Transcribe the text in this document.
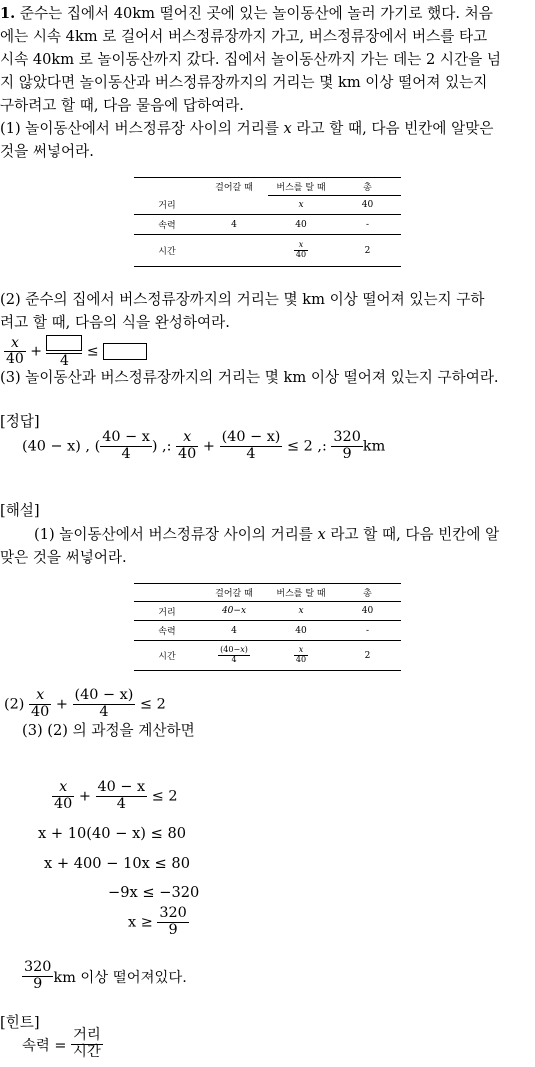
1. 준수는 집에서 40km 떨어진 곳에 있는 놀이동산에 놀러 가기로 했다. 처음
에는 시속 4km 로 걸어서 버스정류장까지 가고, 버스정류장에서 버스를 타고
시속 40km 로 놀이동산까지 갔다. 집에서 놀이동산까지 가는 데는 2 시간을 넘
지 않았다면 놀이동산과 버스정류장까지의 거리는 몇 km 이상 떨어져 있는지
구하려고 할 때, 다음 물음에 답하여라.
(1) 놀이동산에서 버스정류장 사이의 거리를 x 라고 할 때, 다음 빈칸에 알맞은
것을 써넣어라.
	걸어갈 때	버스를 탈 때	총
거리		x	40
속력	4	40	-
시간		$\frac{x}{40}$	2
(2) 준수의 집에서 버스정류장까지의 거리는 몇 km 이상 떨어져 있는지 구하
려고 할 때, 다음의 식을 완성하여라.
$\frac{x}{40}$ +
4
≤
(3) 놀이동산과 버스정류장까지의 거리는 몇 km 이상 떨어져 있는지 구하여라.
[정답]
(40 − x) , ( $\frac{40 - x}{4}$ ) ,: $\frac{x}{40} + \frac{(40 - x)}{4} \le 2$ ,: $\frac{320}{9}$ km
[해설]
(1) 놀이동산에서 버스정류장 사이의 거리를 x 라고 할 때, 다음 빈칸에 알
맞은 것을 써넣어라.
	걸어갈 때	버스를 탈 때	총
거리	40−x	x	40
속력	4	40	-
시간	$\frac{(40-x)}{4}$	$\frac{x}{40}$	2
$(2) \frac{x}{40} + \frac{(40 - x)}{4} \le 2$
(3) (2) 의 과정을 계산하면
$\frac{x}{40} + \frac{40 - x}{4} \le 2$
x + 10(40 − x) ≤ 80
x + 400 − 10x ≤ 80
−9x ≤ −320
$x \ge \frac{320}{9}$
$\frac{320}{9}$ km 이상 떨어져있다.
[힌트]
속력 = $\frac{\text{거리}}{\text{시간}}$
